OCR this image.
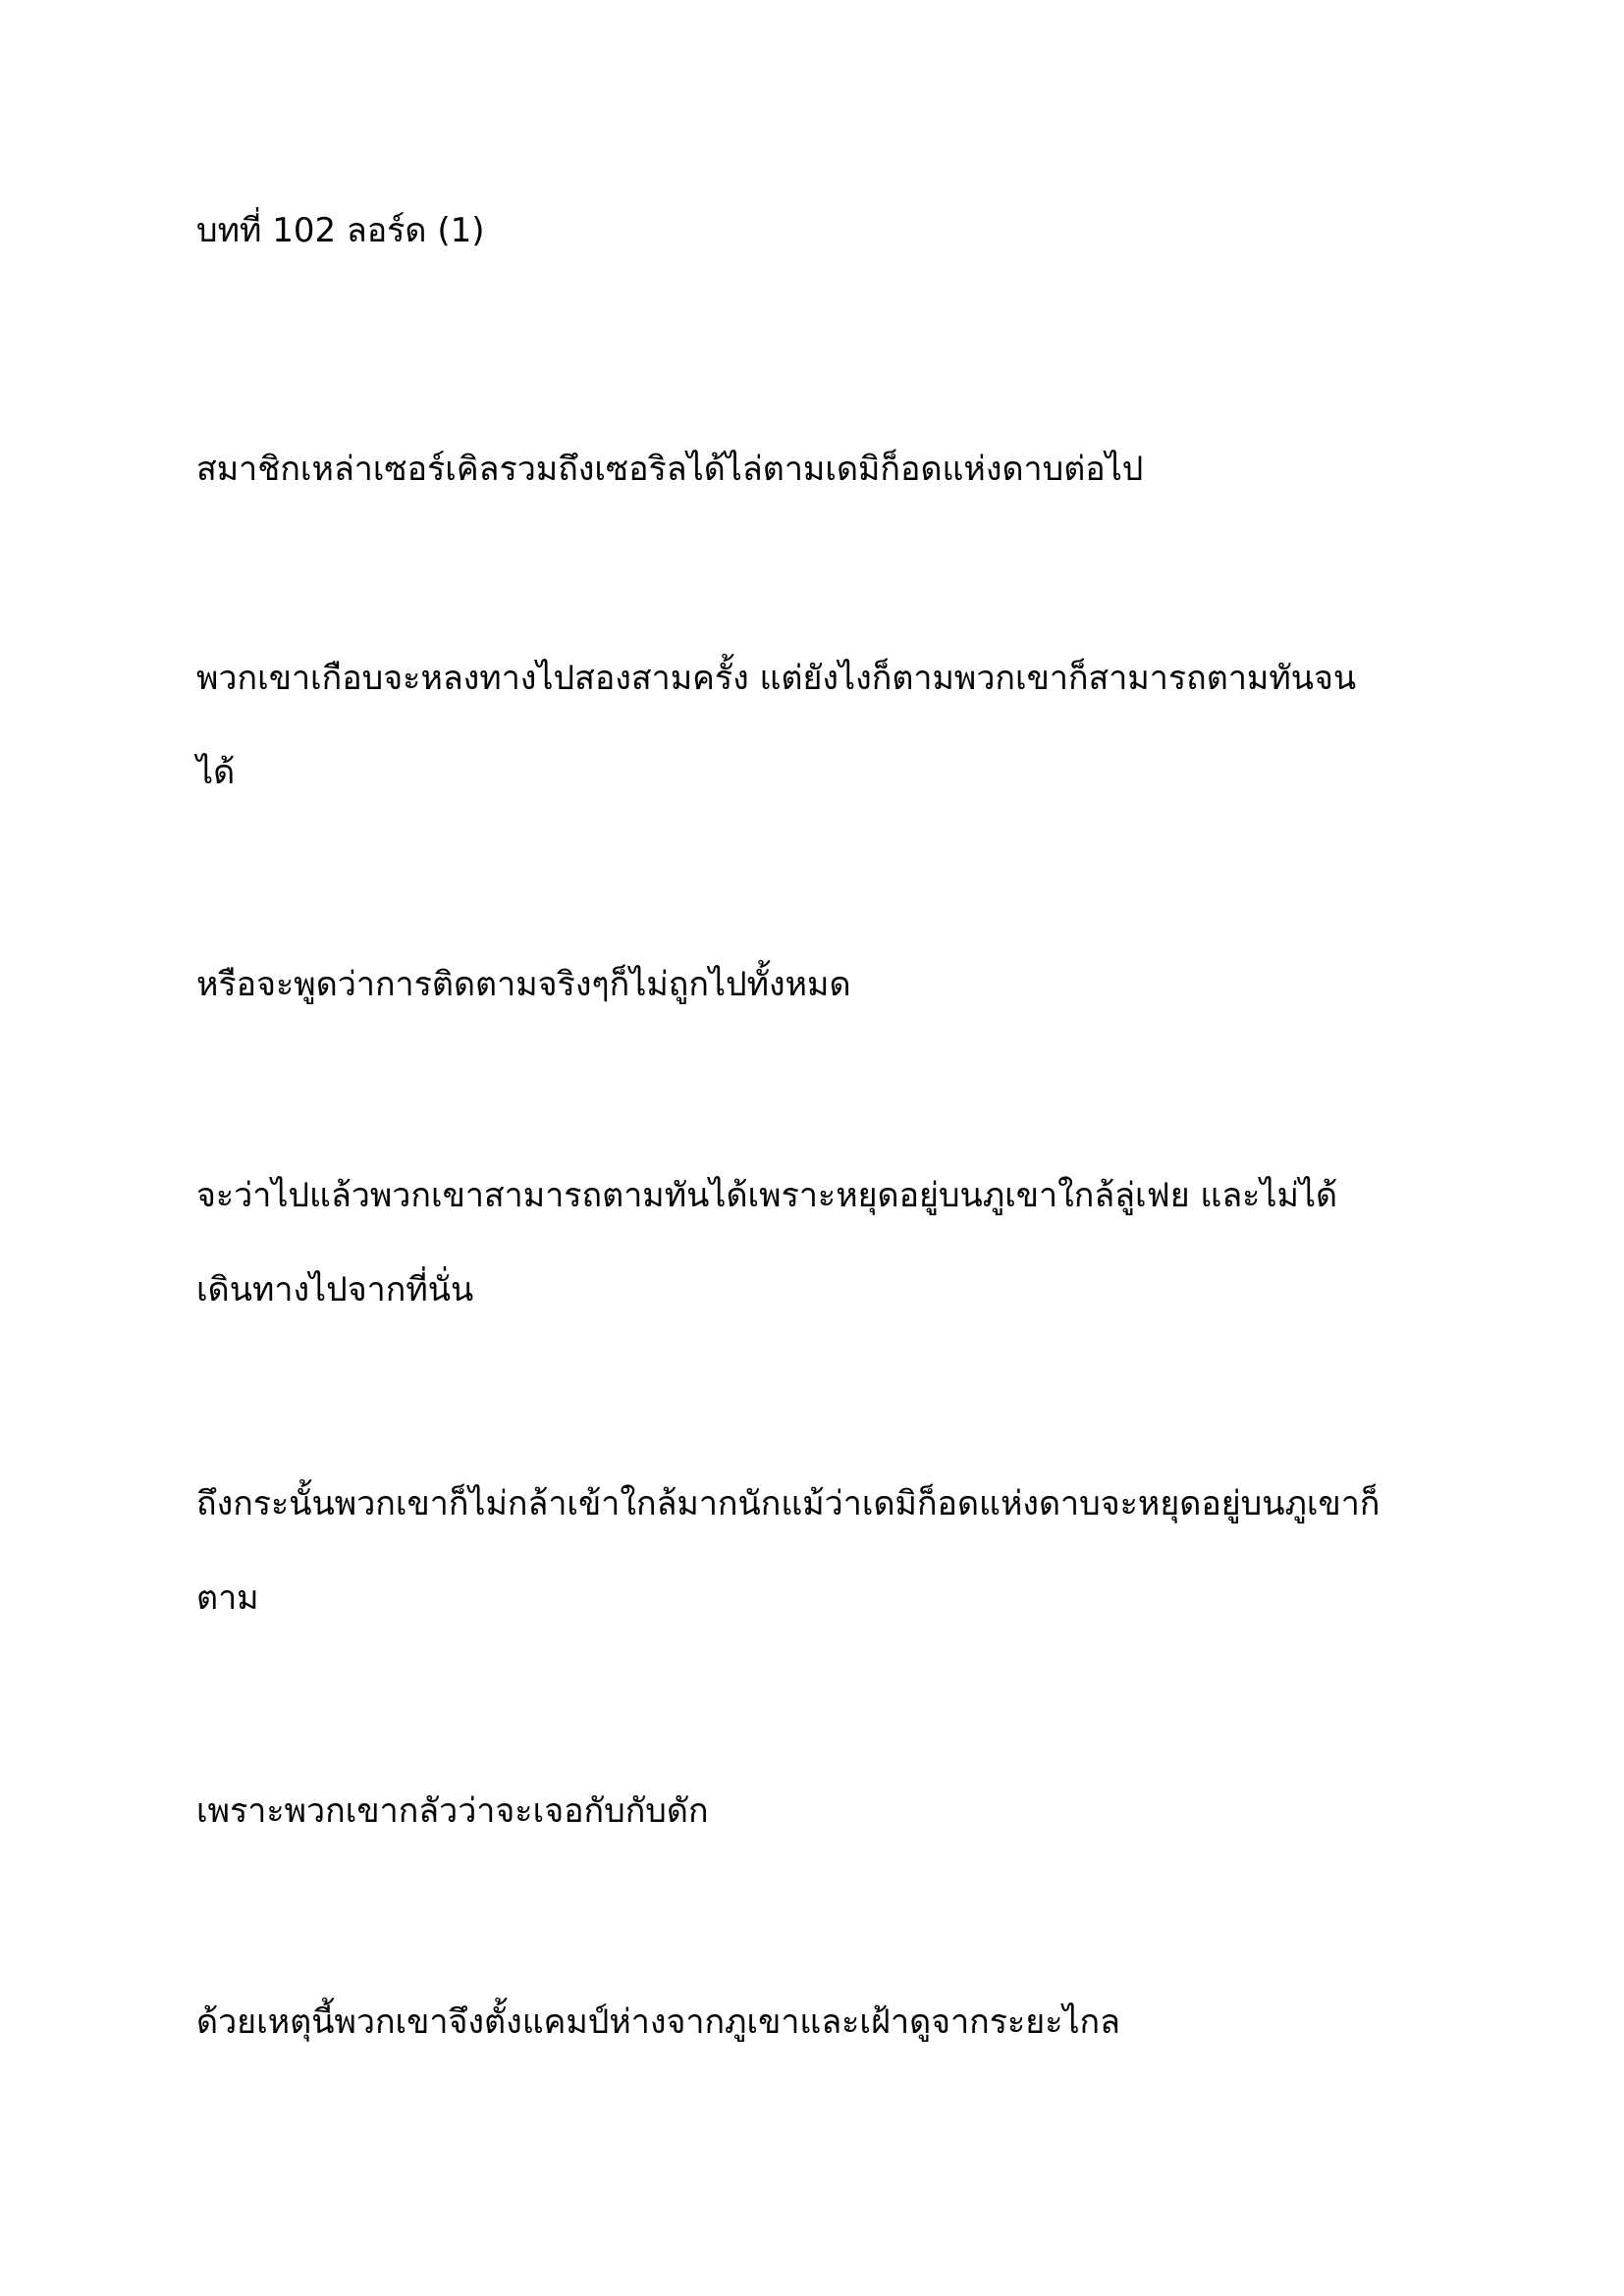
บทที่ 102 ลอร์ด (1)

สมาชิกเหล่าเซอร์เคิลรวมถึงเซอริลได้ไล่ตามเดมิก็อดแห่งดาบต่อไป

พวกเขาเกือบจะหลงทางไปสองสามครั้ง แต่ยังไงก็ตามพวกเขาก็สามารถตามทันจน
ได้

หรือจะพูดว่าการติดตามจริงๆก็ไม่ถูกไปทั้งหมด

จะว่าไปแล้วพวกเขาสามารถตามทันได้เพราะหยุดอยู่บนภูเขาใกล้ลู่เฟย และไม่ได้
เดินทางไปจากที่นั่น

ถึงกระนั้นพวกเขาก็ไม่กล้าเข้าใกล้มากนักแม้ว่าเดมิก็อดแห่งดาบจะหยุดอยู่บนภูเขาก็
ตาม

เพราะพวกเขากลัวว่าจะเจอกับกับดัก

ด้วยเหตุนี้พวกเขาจึงตั้งแคมป์ห่างจากภูเขาและเฝ้าดูจากระยะไกล
